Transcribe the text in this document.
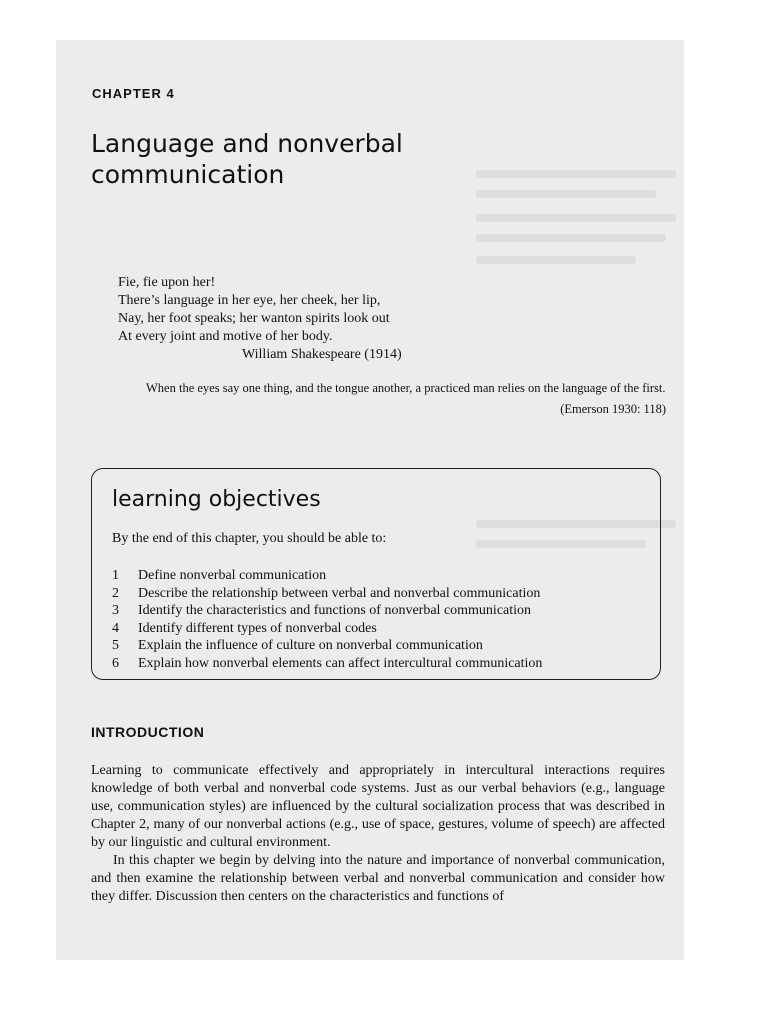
CHAPTER 4
Language and nonverbal communication
Fie, fie upon her!
There’s language in her eye, her cheek, her lip,
Nay, her foot speaks; her wanton spirits look out
At every joint and motive of her body.
William Shakespeare (1914)
When the eyes say one thing, and the tongue another, a practiced man relies on the language of the first.
(Emerson 1930: 118)
learning objectives
By the end of this chapter, you should be able to:
1	Define nonverbal communication
2	Describe the relationship between verbal and nonverbal communication
3	Identify the characteristics and functions of nonverbal communication
4	Identify different types of nonverbal codes
5	Explain the influence of culture on nonverbal communication
6	Explain how nonverbal elements can affect intercultural communication
INTRODUCTION

Learning to communicate effectively and appropriately in intercultural interactions requires knowledge of both verbal and nonverbal code systems. Just as our verbal behaviors (e.g., language use, communication styles) are influenced by the cultural socialization process that was described in Chapter 2, many of our nonverbal actions (e.g., use of space, gestures, volume of speech) are affected by our linguistic and cultural environment.

In this chapter we begin by delving into the nature and importance of nonverbal communication, and then examine the relationship between verbal and nonverbal communication and consider how they differ. Discussion then centers on the characteristics and functions of
